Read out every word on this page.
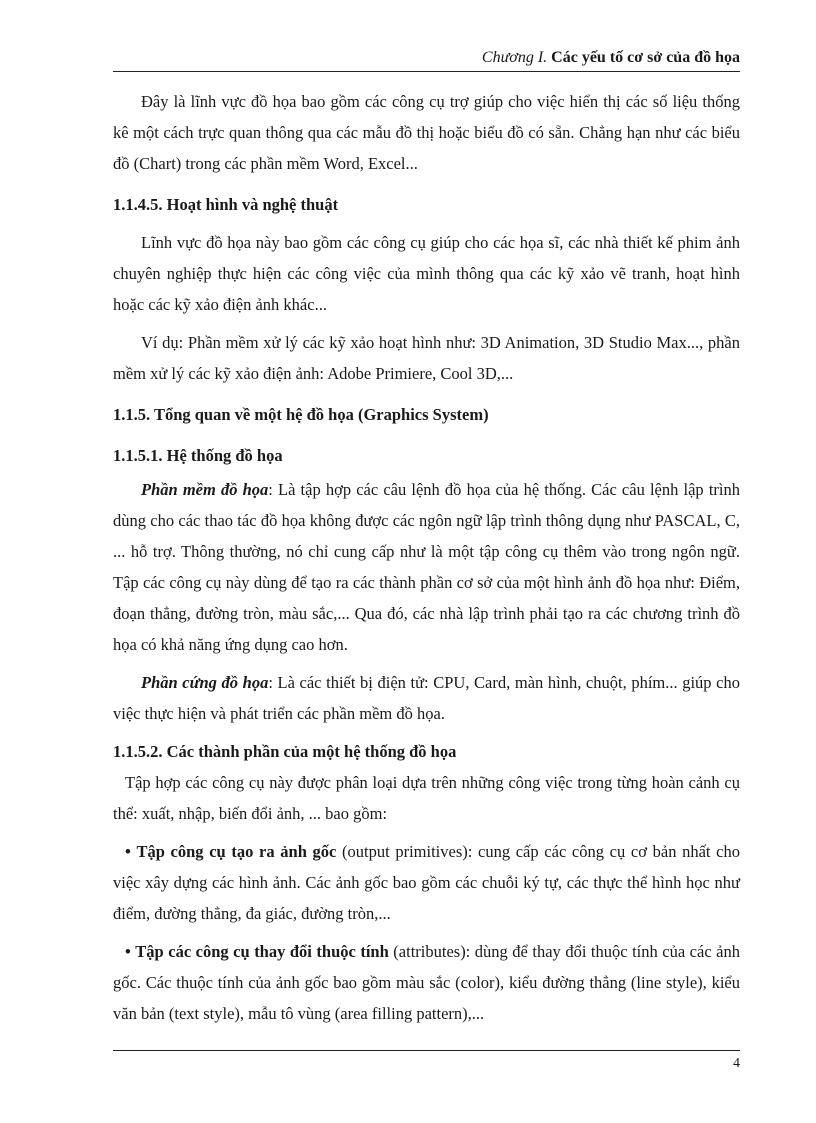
Chương I. Các yếu tố cơ sở của đồ họa

Đây là lĩnh vực đồ họa bao gồm các công cụ trợ giúp cho việc hiển thị các số liệu thống kê một cách trực quan thông qua các mẫu đồ thị hoặc biểu đồ có sẵn. Chẳng hạn như các biểu đồ (Chart) trong các phần mềm Word, Excel...

1.1.4.5. Hoạt hình và nghệ thuật

Lĩnh vực đồ họa này bao gồm các công cụ giúp cho các họa sĩ, các nhà thiết kế phim ảnh chuyên nghiệp thực hiện các công việc của mình thông qua các kỹ xảo vẽ tranh, hoạt hình hoặc các kỹ xảo điện ảnh khác...

Ví dụ: Phần mềm xử lý các kỹ xảo hoạt hình như: 3D Animation, 3D Studio Max..., phần mềm xử lý các kỹ xảo điện ảnh: Adobe Primiere, Cool 3D,...

1.1.5. Tổng quan về một hệ đồ họa (Graphics System)

1.1.5.1. Hệ thống đồ họa

Phần mềm đồ họa: Là tập hợp các câu lệnh đồ họa của hệ thống. Các câu lệnh lập trình dùng cho các thao tác đồ họa không được các ngôn ngữ lập trình thông dụng như PASCAL, C, ... hỗ trợ. Thông thường, nó chỉ cung cấp như là một tập công cụ thêm vào trong ngôn ngữ. Tập các công cụ này dùng để tạo ra các thành phần cơ sở của một hình ảnh đồ họa như: Điểm, đoạn thẳng, đường tròn, màu sắc,... Qua đó, các nhà lập trình phải tạo ra các chương trình đồ họa có khả năng ứng dụng cao hơn.

Phần cứng đồ họa: Là các thiết bị điện tử: CPU, Card, màn hình, chuột, phím... giúp cho việc thực hiện và phát triển các phần mềm đồ họa.

1.1.5.2. Các thành phần của một hệ thống đồ họa

Tập hợp các công cụ này được phân loại dựa trên những công việc trong từng hoàn cảnh cụ thể: xuất, nhập, biến đổi ảnh, ... bao gồm:

• Tập công cụ tạo ra ảnh gốc (output primitives): cung cấp các công cụ cơ bản nhất cho việc xây dựng các hình ảnh. Các ảnh gốc bao gồm các chuỗi ký tự, các thực thể hình học như điểm, đường thẳng, đa giác, đường tròn,...

• Tập các công cụ thay đổi thuộc tính (attributes): dùng để thay đổi thuộc tính của các ảnh gốc. Các thuộc tính của ảnh gốc bao gồm màu sắc (color), kiểu đường thẳng (line style), kiểu văn bản (text style), mẫu tô vùng (area filling pattern),...

4
